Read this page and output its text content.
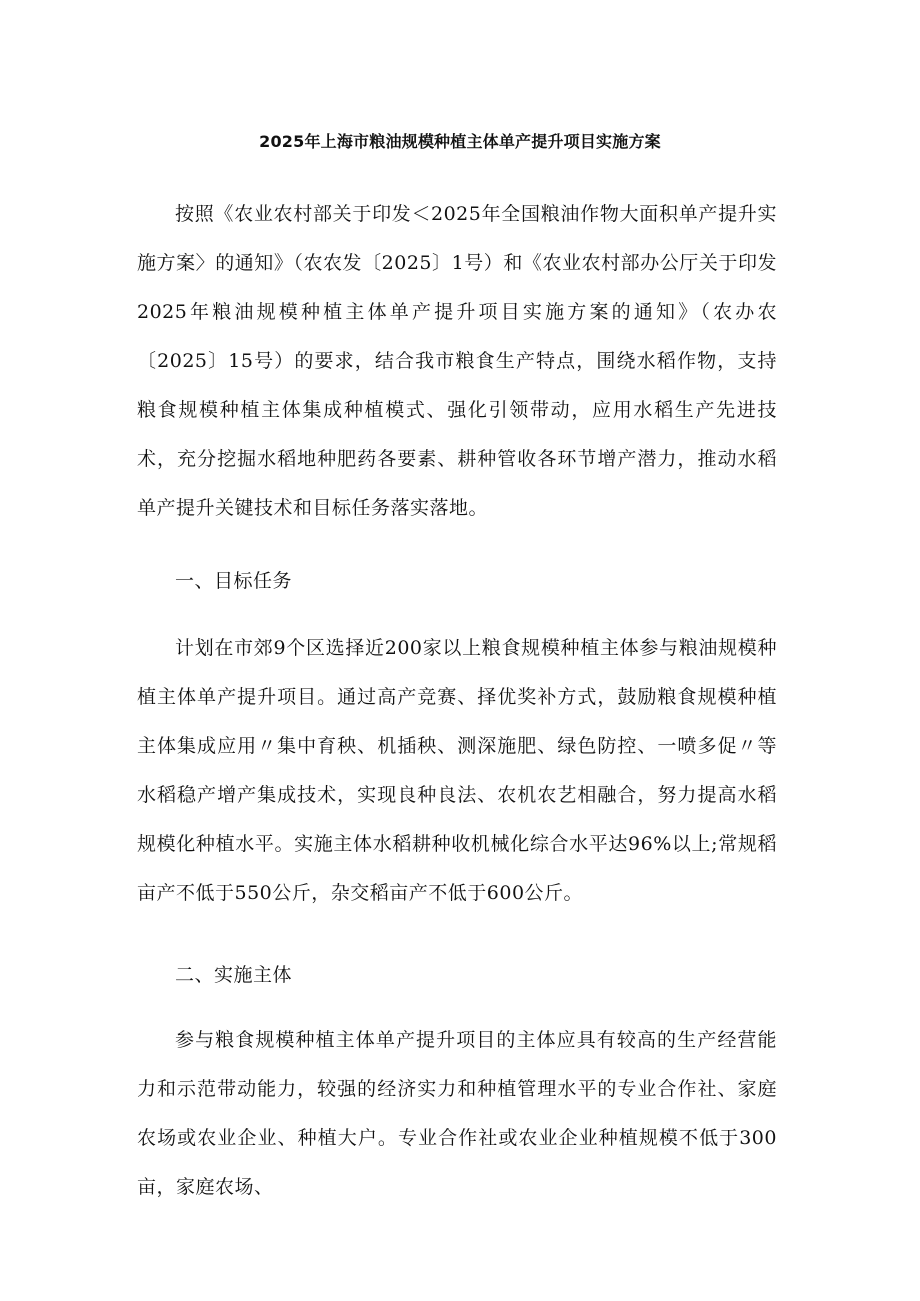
2025年上海市粮油规模种植主体单产提升项目实施方案

按照《农业农村部关于印发＜2025年全国粮油作物大面积单产提升实施方案〉的通知》（农农发〔2025〕1号）和《农业农村部办公厅关于印发2025年粮油规模种植主体单产提升项目实施方案的通知》（农办农〔2025〕15号）的要求，结合我市粮食生产特点，围绕水稻作物，支持粮食规模种植主体集成种植模式、强化引领带动，应用水稻生产先进技术，充分挖掘水稻地种肥药各要素、耕种管收各环节增产潜力，推动水稻单产提升关键技术和目标任务落实落地。

一、目标任务

计划在市郊9个区选择近200家以上粮食规模种植主体参与粮油规模种植主体单产提升项目。通过高产竞赛、择优奖补方式，鼓励粮食规模种植主体集成应用〃集中育秧、机插秧、测深施肥、绿色防控、一喷多促〃等水稻稳产增产集成技术，实现良种良法、农机农艺相融合，努力提高水稻规模化种植水平。实施主体水稻耕种收机械化综合水平达96%以上;常规稻亩产不低于550公斤，杂交稻亩产不低于600公斤。

二、实施主体

参与粮食规模种植主体单产提升项目的主体应具有较高的生产经营能力和示范带动能力，较强的经济实力和种植管理水平的专业合作社、家庭农场或农业企业、种植大户。专业合作社或农业企业种植规模不低于300亩，家庭农场、
